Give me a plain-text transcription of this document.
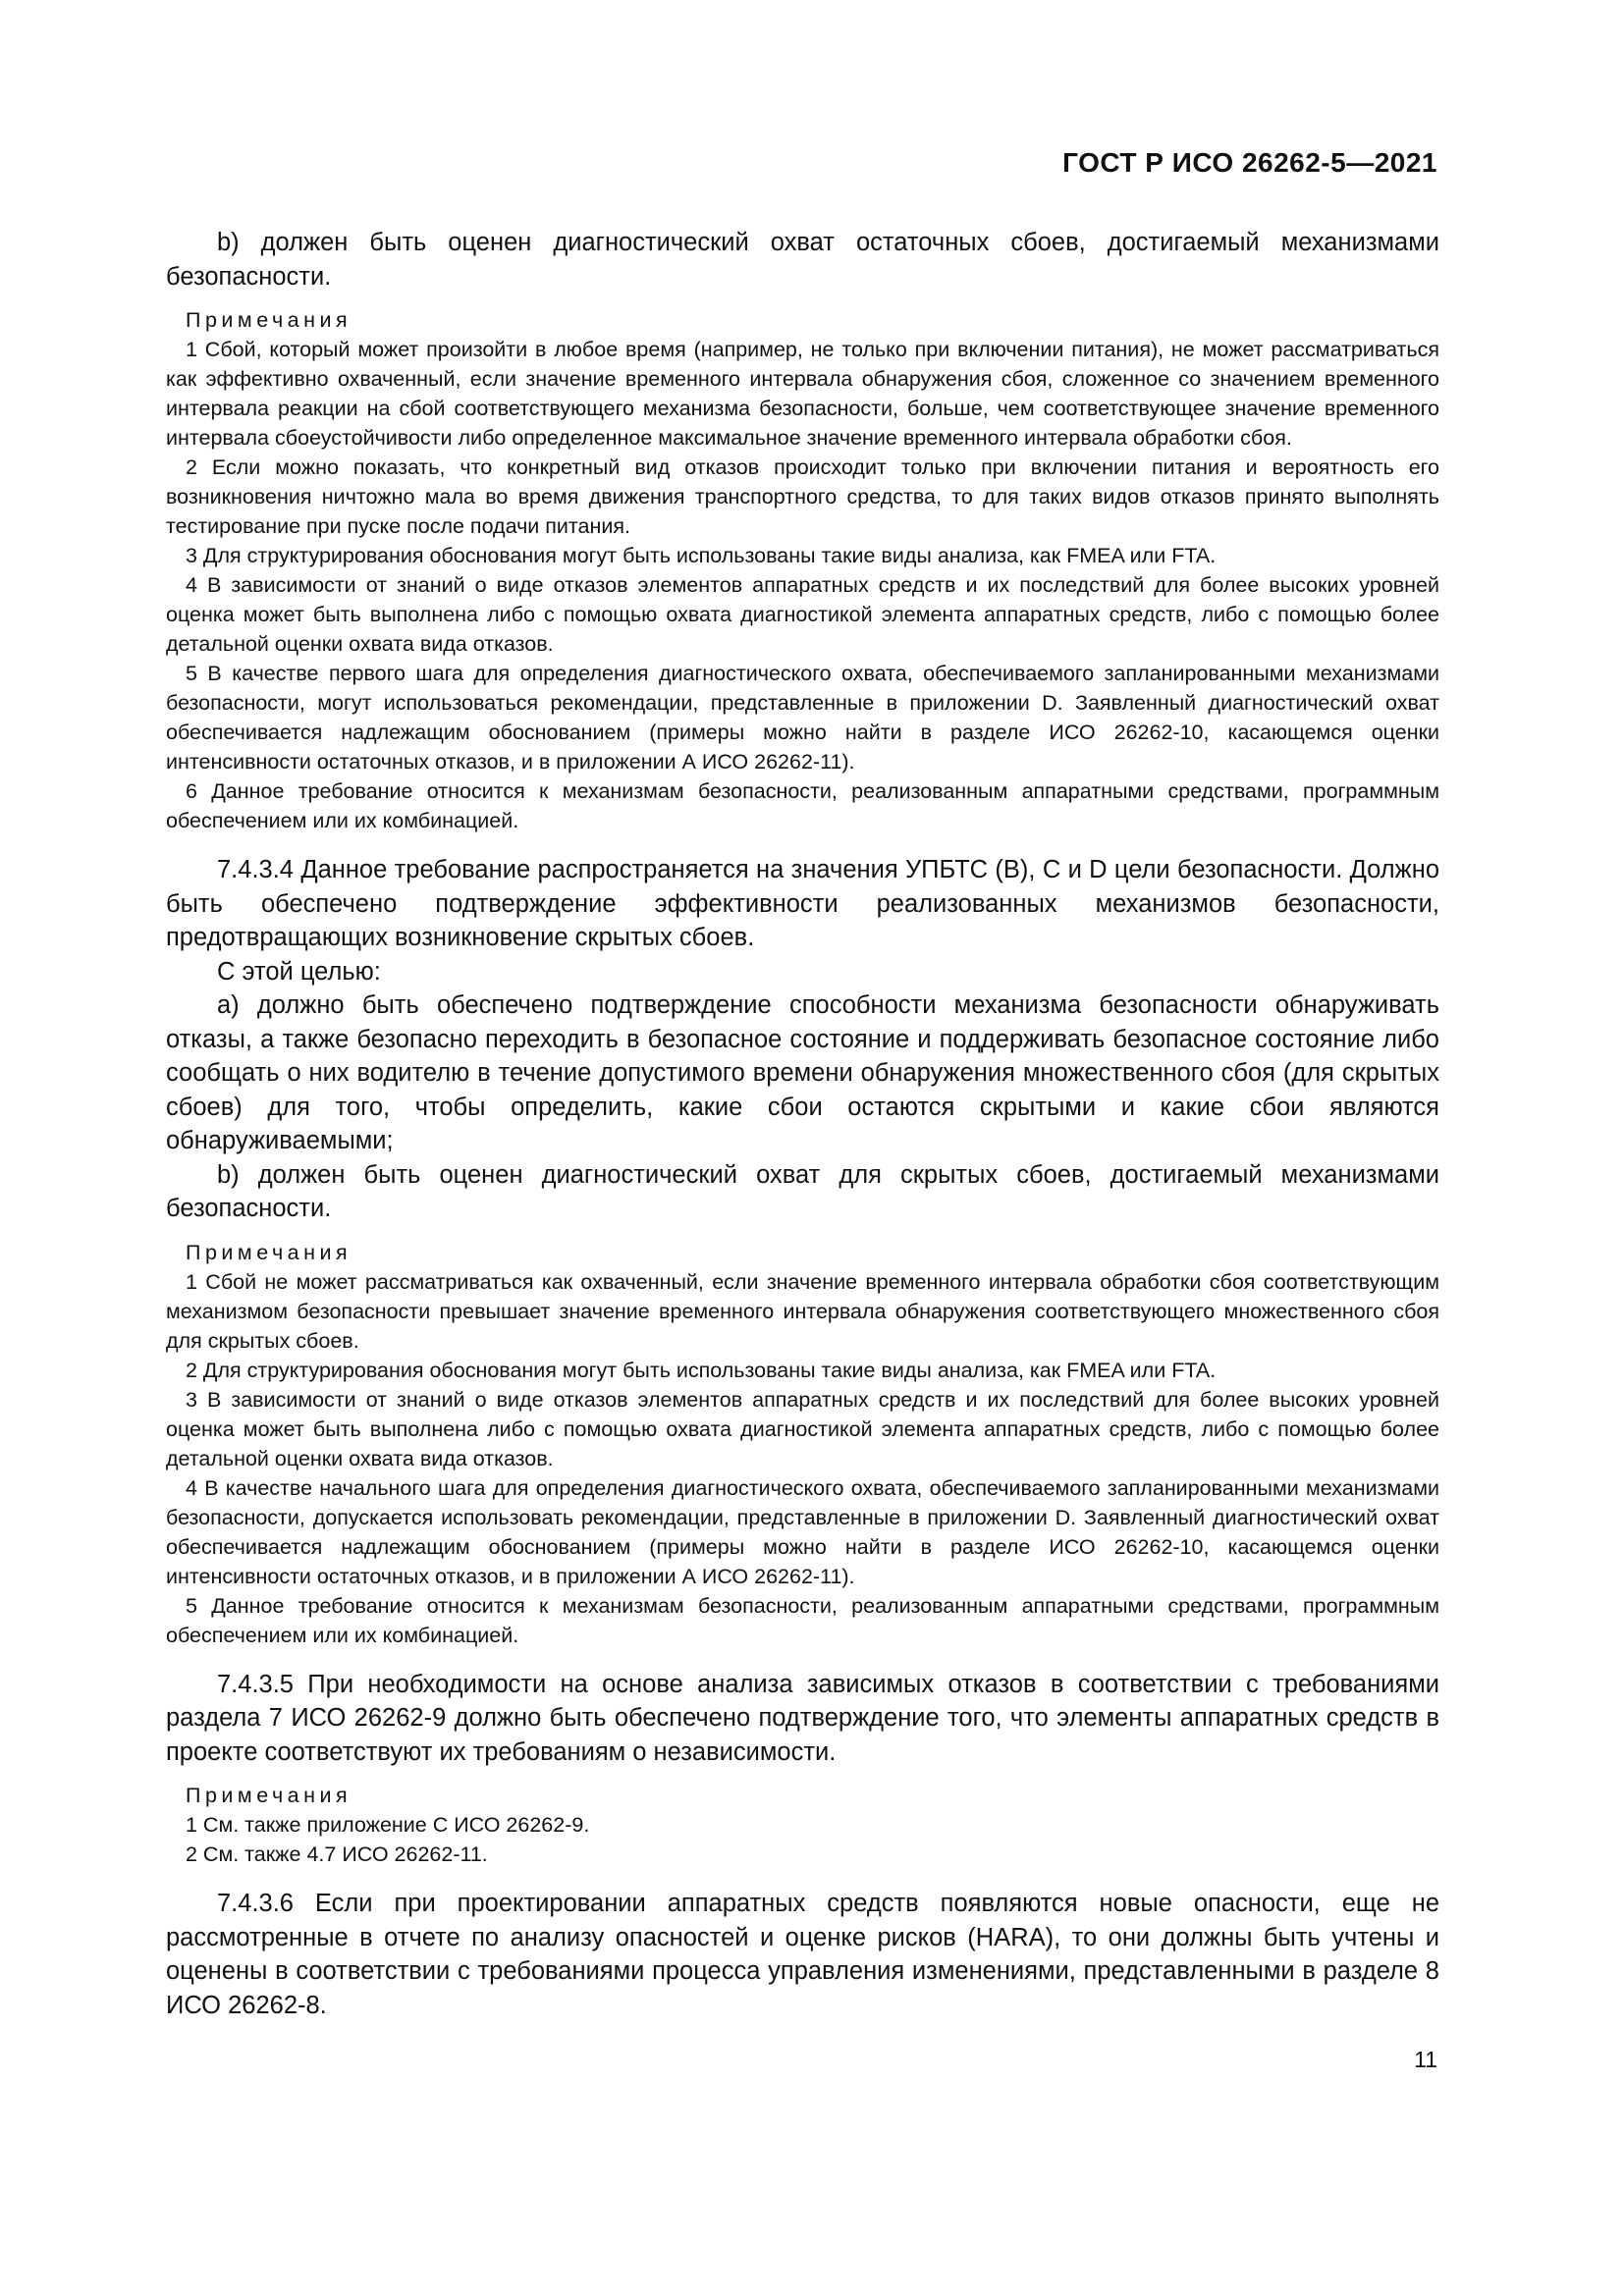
ГОСТ Р ИСО 26262-5—2021

b) должен быть оценен диагностический охват остаточных сбоев, достигаемый механизмами безопасности.

Примечания

1 Сбой, который может произойти в любое время (например, не только при включении питания), не может рассматриваться как эффективно охваченный, если значение временного интервала обнаружения сбоя, сложенное со значением временного интервала реакции на сбой соответствующего механизма безопасности, больше, чем соответствующее значение временного интервала сбоеустойчивости либо определенное максимальное значение временного интервала обработки сбоя.

2 Если можно показать, что конкретный вид отказов происходит только при включении питания и вероятность его возникновения ничтожно мала во время движения транспортного средства, то для таких видов отказов принято выполнять тестирование при пуске после подачи питания.

3 Для структурирования обоснования могут быть использованы такие виды анализа, как FMEA или FTA.

4 В зависимости от знаний о виде отказов элементов аппаратных средств и их последствий для более высоких уровней оценка может быть выполнена либо с помощью охвата диагностикой элемента аппаратных средств, либо с помощью более детальной оценки охвата вида отказов.

5 В качестве первого шага для определения диагностического охвата, обеспечиваемого запланированными механизмами безопасности, могут использоваться рекомендации, представленные в приложении D. Заявленный диагностический охват обеспечивается надлежащим обоснованием (примеры можно найти в разделе ИСО 26262-10, касающемся оценки интенсивности остаточных отказов, и в приложении А ИСО 26262-11).

6 Данное требование относится к механизмам безопасности, реализованным аппаратными средствами, программным обеспечением или их комбинацией.

7.4.3.4 Данное требование распространяется на значения УПБТС (В), С и D цели безопасности. Должно быть обеспечено подтверждение эффективности реализованных механизмов безопасности, предотвращающих возникновение скрытых сбоев.

С этой целью:

а) должно быть обеспечено подтверждение способности механизма безопасности обнаруживать отказы, а также безопасно переходить в безопасное состояние и поддерживать безопасное состояние либо сообщать о них водителю в течение допустимого времени обнаружения множественного сбоя (для скрытых сбоев) для того, чтобы определить, какие сбои остаются скрытыми и какие сбои являются обнаруживаемыми;

b) должен быть оценен диагностический охват для скрытых сбоев, достигаемый механизмами безопасности.

Примечания

1 Сбой не может рассматриваться как охваченный, если значение временного интервала обработки сбоя соответствующим механизмом безопасности превышает значение временного интервала обнаружения соответствующего множественного сбоя для скрытых сбоев.

2 Для структурирования обоснования могут быть использованы такие виды анализа, как FMEA или FTA.

3 В зависимости от знаний о виде отказов элементов аппаратных средств и их последствий для более высоких уровней оценка может быть выполнена либо с помощью охвата диагностикой элемента аппаратных средств, либо с помощью более детальной оценки охвата вида отказов.

4 В качестве начального шага для определения диагностического охвата, обеспечиваемого запланированными механизмами безопасности, допускается использовать рекомендации, представленные в приложении D. Заявленный диагностический охват обеспечивается надлежащим обоснованием (примеры можно найти в разделе ИСО 26262-10, касающемся оценки интенсивности остаточных отказов, и в приложении А ИСО 26262-11).

5 Данное требование относится к механизмам безопасности, реализованным аппаратными средствами, программным обеспечением или их комбинацией.

7.4.3.5 При необходимости на основе анализа зависимых отказов в соответствии с требованиями раздела 7 ИСО 26262-9 должно быть обеспечено подтверждение того, что элементы аппаратных средств в проекте соответствуют их требованиям о независимости.

Примечания

1 См. также приложение С ИСО 26262-9.

2 См. также 4.7 ИСО 26262-11.

7.4.3.6 Если при проектировании аппаратных средств появляются новые опасности, еще не рассмотренные в отчете по анализу опасностей и оценке рисков (HARA), то они должны быть учтены и оценены в соответствии с требованиями процесса управления изменениями, представленными в разделе 8 ИСО 26262-8.

11
